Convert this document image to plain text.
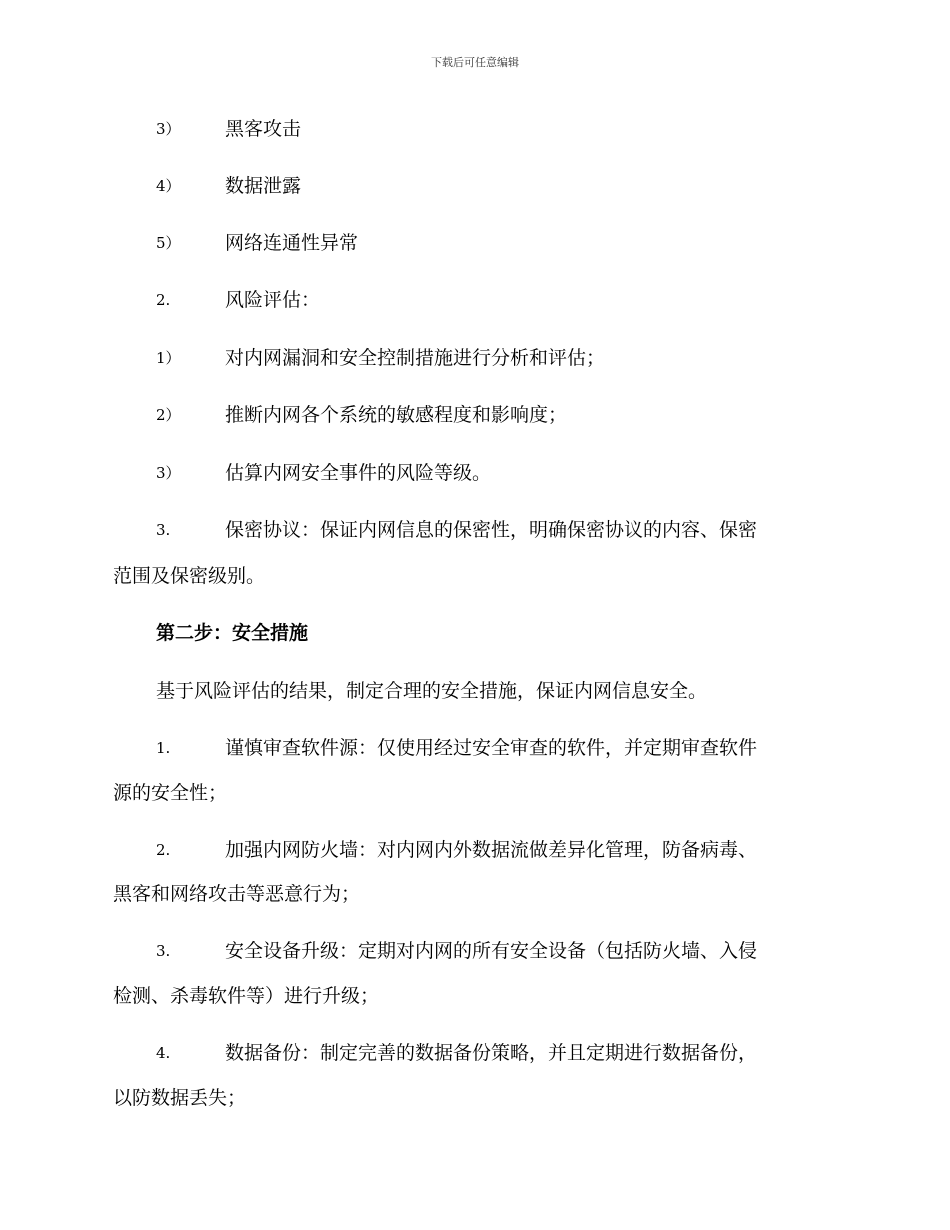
下载后可任意编辑
3） 黑客攻击
4） 数据泄露
5） 网络连通性异常
2.	风险评估：
1） 对内网漏洞和安全控制措施进行分析和评估；
2） 推断内网各个系统的敏感程度和影响度；
3） 估算内网安全事件的风险等级。
3.	保密协议：保证内网信息的保密性，明确保密协议的内容、保密
范围及保密级别。
第二步：安全措施
基于风险评估的结果，制定合理的安全措施，保证内网信息安全。
1.	谨慎审查软件源：仅使用经过安全审查的软件，并定期审查软件
源的安全性；
2.	加强内网防火墙：对内网内外数据流做差异化管理，防备病毒、
黑客和网络攻击等恶意行为；
3.	安全设备升级：定期对内网的所有安全设备（包括防火墙、入侵
检测、杀毒软件等）进行升级；
4.	数据备份：制定完善的数据备份策略，并且定期进行数据备份，
以防数据丢失；
